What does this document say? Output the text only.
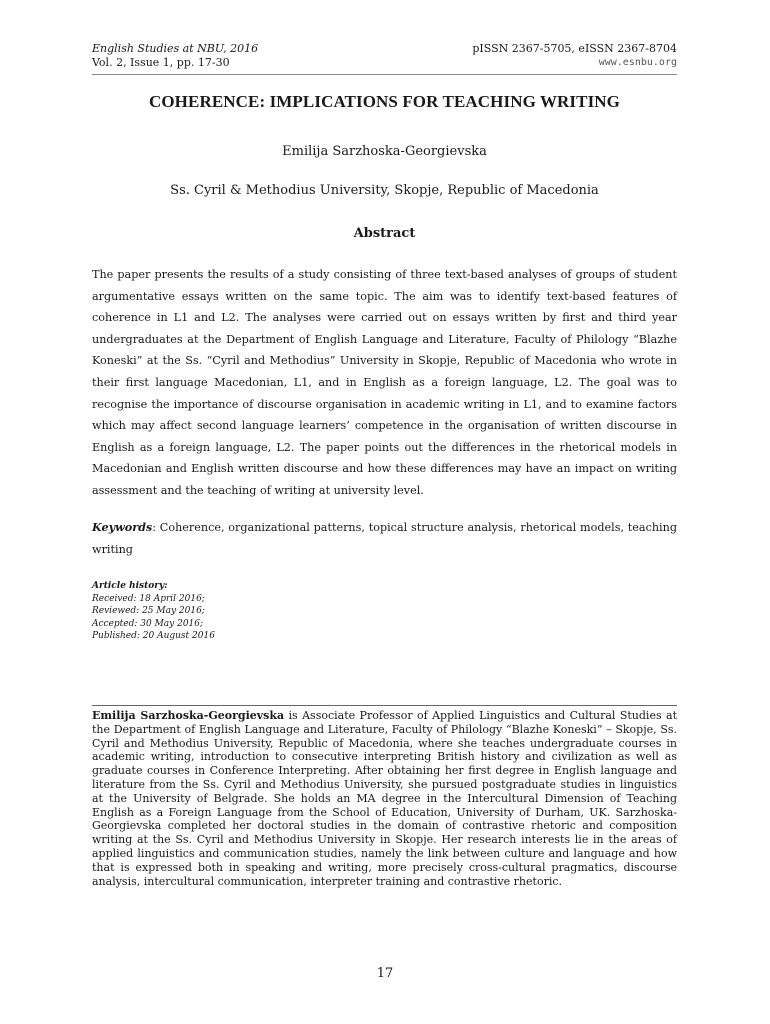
English Studies at NBU, 2016
Vol. 2, Issue 1, pp. 17-30
pISSN 2367-5705, eISSN 2367-8704
www.esnbu.org
COHERENCE: IMPLICATIONS FOR TEACHING WRITING
Emilija Sarzhoska-Georgievska
Ss. Cyril & Methodius University, Skopje, Republic of Macedonia
Abstract

The paper presents the results of a study consisting of three text-based analyses of groups of student argumentative essays written on the same topic. The aim was to identify text-based features of coherence in L1 and L2. The analyses were carried out on essays written by first and third year undergraduates at the Department of English Language and Literature, Faculty of Philology “Blazhe Koneski” at the Ss. “Cyril and Methodius” University in Skopje, Republic of Macedonia who wrote in their first language Macedonian, L1, and in English as a foreign language, L2. The goal was to recognise the importance of discourse organisation in academic writing in L1, and to examine factors which may affect second language learners’ competence in the organisation of written discourse in English as a foreign language, L2. The paper points out the differences in the rhetorical models in Macedonian and English written discourse and how these differences may have an impact on writing assessment and the teaching of writing at university level.

Keywords: Coherence, organizational patterns, topical structure analysis, rhetorical models, teaching writing

Article history:
Received: 18 April 2016;
Reviewed: 25 May 2016;
Accepted: 30 May 2016;
Published: 20 August 2016

Emilija Sarzhoska-Georgievska is Associate Professor of Applied Linguistics and Cultural Studies at the Department of English Language and Literature, Faculty of Philology “Blazhe Koneski” – Skopje, Ss. Cyril and Methodius University, Republic of Macedonia, where she teaches undergraduate courses in academic writing, introduction to consecutive interpreting British history and civilization as well as graduate courses in Conference Interpreting. After obtaining her first degree in English language and literature from the Ss. Cyril and Methodius University, she pursued postgraduate studies in linguistics at the University of Belgrade. She holds an MA degree in the Intercultural Dimension of Teaching English as a Foreign Language from the School of Education, University of Durham, UK. Sarzhoska-Georgievska completed her doctoral studies in the domain of contrastive rhetoric and composition writing at the Ss. Cyril and Methodius University in Skopje. Her research interests lie in the areas of applied linguistics and communication studies, namely the link between culture and language and how that is expressed both in speaking and writing, more precisely cross-cultural pragmatics, discourse analysis, intercultural communication, interpreter training and contrastive rhetoric.

17
